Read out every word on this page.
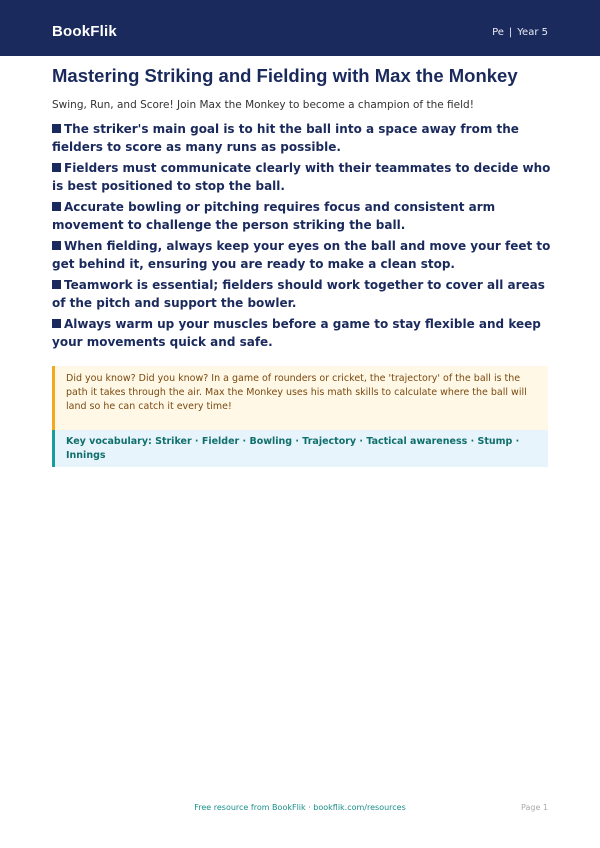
BookFlik	Pe | Year 5
Mastering Striking and Fielding with Max the Monkey

Swing, Run, and Score! Join Max the Monkey to become a champion of the field!

The striker's main goal is to hit the ball into a space away from the fielders to score as many runs as possible.
Fielders must communicate clearly with their teammates to decide who is best positioned to stop the ball.
Accurate bowling or pitching requires focus and consistent arm movement to challenge the person striking the ball.
When fielding, always keep your eyes on the ball and move your feet to get behind it, ensuring you are ready to make a clean stop.
Teamwork is essential; fielders should work together to cover all areas of the pitch and support the bowler.
Always warm up your muscles before a game to stay flexible and keep your movements quick and safe.
Did you know? Did you know? In a game of rounders or cricket, the 'trajectory' of the ball is the path it takes through the air. Max the Monkey uses his math skills to calculate where the ball will land so he can catch it every time!
Key vocabulary: Striker · Fielder · Bowling · Trajectory · Tactical awareness · Stump · Innings
Free resource from BookFlik · bookflik.com/resources	Page 1
